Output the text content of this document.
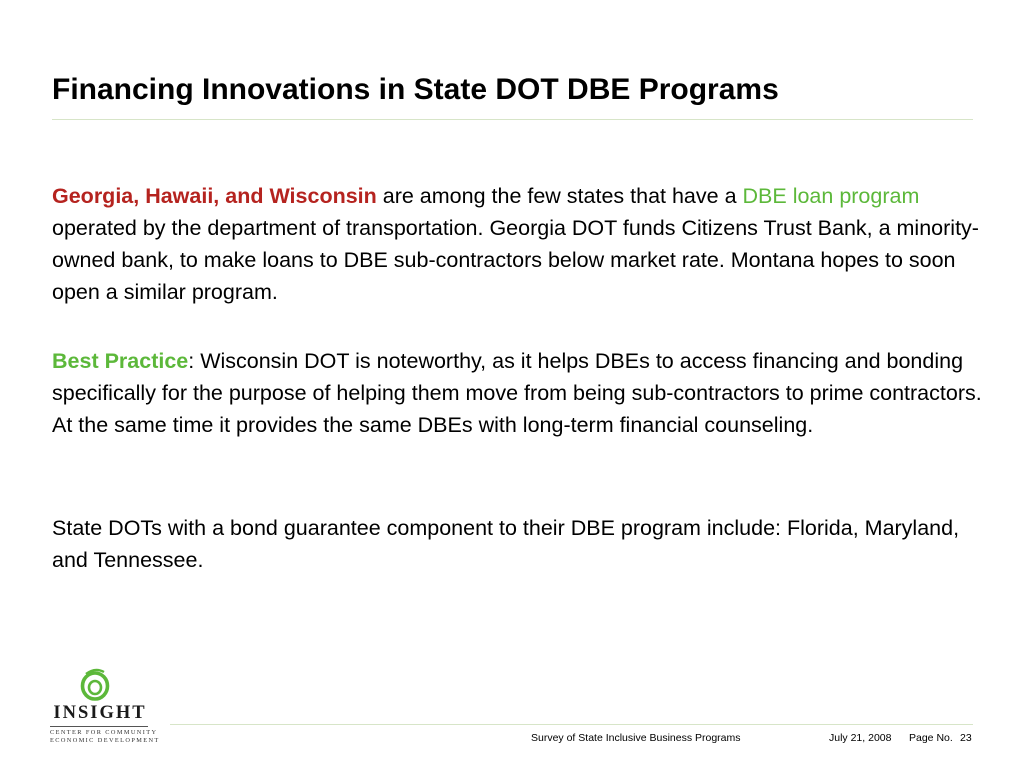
Financing Innovations in State DOT DBE Programs

Georgia, Hawaii, and Wisconsin are among the few states that have a DBE loan program operated by the department of transportation. Georgia DOT funds Citizens Trust Bank, a minority-owned bank, to make loans to DBE sub-contractors below market rate. Montana hopes to soon open a similar program.

Best Practice: Wisconsin DOT is noteworthy, as it helps DBEs to access financing and bonding specifically for the purpose of helping them move from being sub-contractors to prime contractors. At the same time it provides the same DBEs with long-term financial counseling.

State DOTs with a bond guarantee component to their DBE program include: Florida, Maryland, and Tennessee.

INSIGHT
CENTER FOR COMMUNITY
ECONOMIC DEVELOPMENT	Survey of State Inclusive Business Programs	July 21, 2008 Page No. 23
